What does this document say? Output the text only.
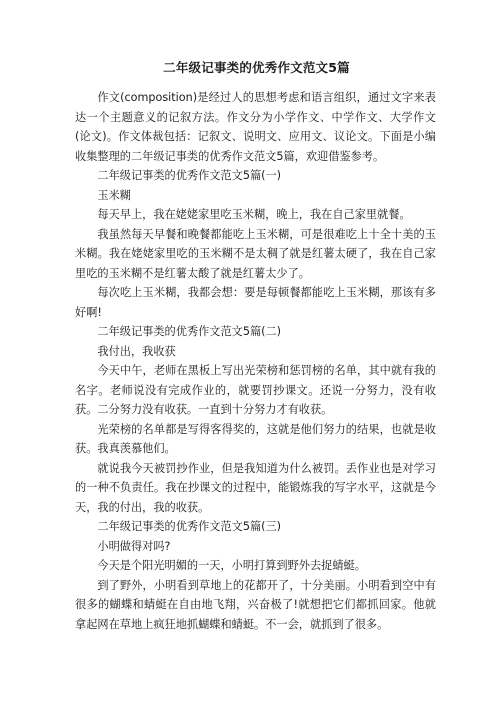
二年级记事类的优秀作文范文5篇

作文(composition)是经过人的思想考虑和语言组织，通过文字来表达一个主题意义的记叙方法。作文分为小学作文、中学作文、大学作文(论文)。作文体裁包括：记叙文、说明文、应用文、议论文。下面是小编收集整理的二年级记事类的优秀作文范文5篇，欢迎借鉴参考。

二年级记事类的优秀作文范文5篇(一)

玉米糊

每天早上，我在姥姥家里吃玉米糊，晚上，我在自己家里就餐。

我虽然每天早餐和晚餐都能吃上玉米糊，可是很难吃上十全十美的玉米糊。我在姥姥家里吃的玉米糊不是太稠了就是红薯太硬了，我在自己家里吃的玉米糊不是红薯太酸了就是红薯太少了。

每次吃上玉米糊，我都会想：要是每顿餐都能吃上玉米糊，那该有多好啊!

二年级记事类的优秀作文范文5篇(二)

我付出，我收获

今天中午，老师在黑板上写出光荣榜和惩罚榜的名单，其中就有我的名字。老师说没有完成作业的，就要罚抄课文。还说一分努力，没有收获。二分努力没有收获。一直到十分努力才有收获。

光荣榜的名单都是写得客得奖的，这就是他们努力的结果，也就是收获。我真羡慕他们。

就说我今天被罚抄作业，但是我知道为什么被罚。丢作业也是对学习的一种不负责任。我在抄课文的过程中，能锻炼我的写字水平，这就是今天，我的付出，我的收获。

二年级记事类的优秀作文范文5篇(三)

小明做得对吗?

今天是个阳光明媚的一天，小明打算到野外去捉蜻蜓。

到了野外，小明看到草地上的花都开了，十分美丽。小明看到空中有很多的蝴蝶和蜻蜓在自由地飞翔，兴奋极了!就想把它们都抓回家。他就拿起网在草地上疯狂地抓蝴蝶和蜻蜓。不一会，就抓到了很多。
